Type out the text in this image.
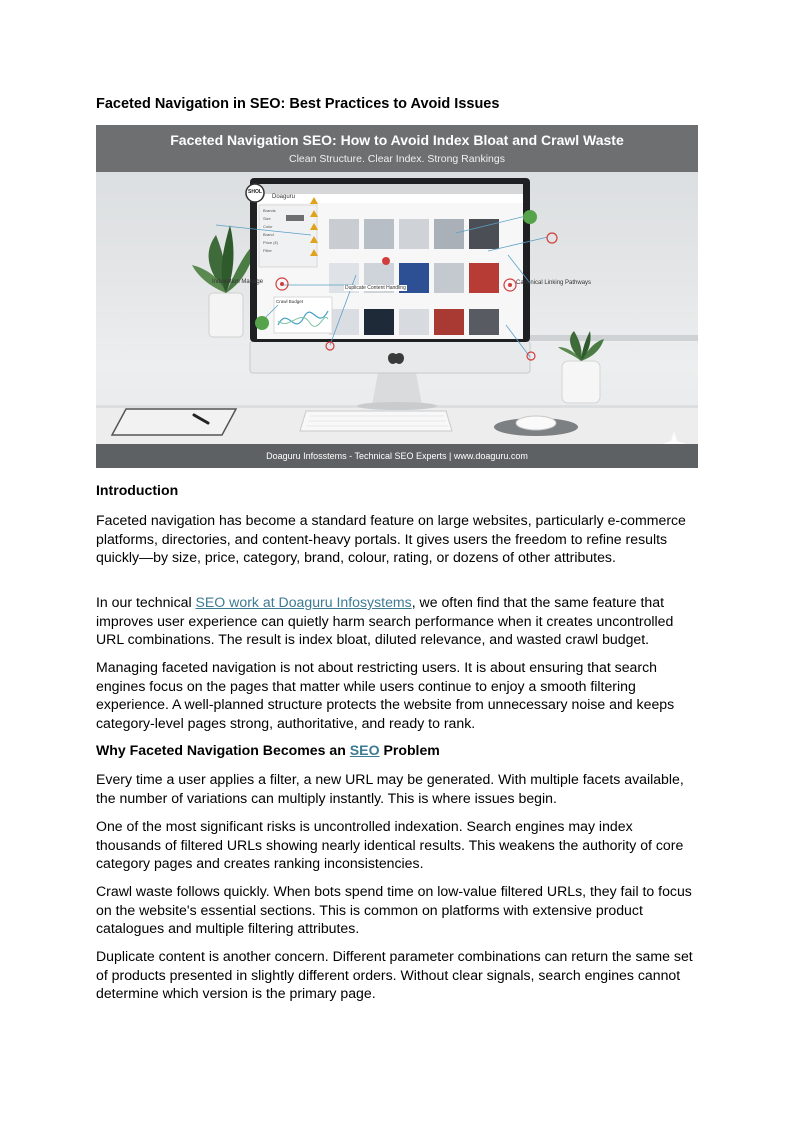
Faceted Navigation in SEO: Best Practices to Avoid Issues
Faceted Navigation SEO: How to Avoid Index Bloat and Crawl Waste
Clean Structure. Clear Index. Strong Rankings
SHOL
Doaguru
Brands
Size
Color
Brand
Price (£)
Filter
Crawl Budget
Indexation Manage
Duplicate Content Handling
Canonical Linking Pathways
Doaguru Infosstems - Technical SEO Experts | www.doaguru.com
Introduction

Faceted navigation has become a standard feature on large websites, particularly e-commerce platforms, directories, and content-heavy portals. It gives users the freedom to refine results quickly—by size, price, category, brand, colour, rating, or dozens of other attributes.

In our technical SEO work at Doaguru Infosystems, we often find that the same feature that improves user experience can quietly harm search performance when it creates uncontrolled URL combinations. The result is index bloat, diluted relevance, and wasted crawl budget.

Managing faceted navigation is not about restricting users. It is about ensuring that search engines focus on the pages that matter while users continue to enjoy a smooth filtering experience. A well-planned structure protects the website from unnecessary noise and keeps category-level pages strong, authoritative, and ready to rank.

Why Faceted Navigation Becomes an SEO Problem

Every time a user applies a filter, a new URL may be generated. With multiple facets available, the number of variations can multiply instantly. This is where issues begin.

One of the most significant risks is uncontrolled indexation. Search engines may index thousands of filtered URLs showing nearly identical results. This weakens the authority of core category pages and creates ranking inconsistencies.

Crawl waste follows quickly. When bots spend time on low-value filtered URLs, they fail to focus on the website's essential sections. This is common on platforms with extensive product catalogues and multiple filtering attributes.

Duplicate content is another concern. Different parameter combinations can return the same set of products presented in slightly different orders. Without clear signals, search engines cannot determine which version is the primary page.
